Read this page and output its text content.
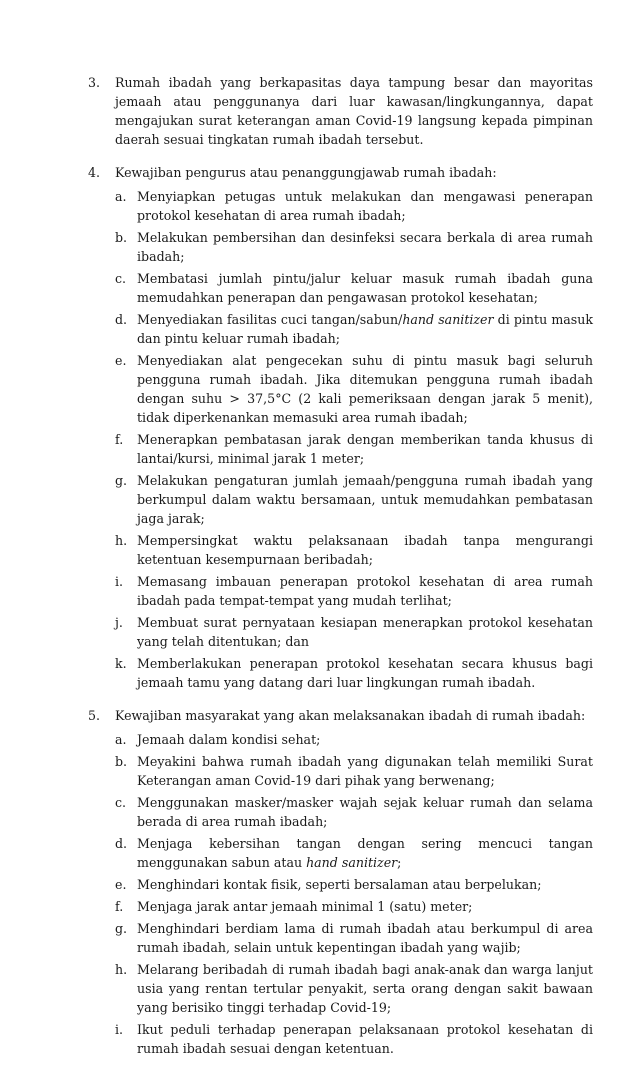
3. Rumah ibadah yang berkapasitas daya tampung besar dan mayoritas jemaah atau penggunanya dari luar kawasan/lingkungannya, dapat mengajukan surat keterangan aman Covid-19 langsung kepada pimpinan daerah sesuai tingkatan rumah ibadah tersebut.
4. Kewajiban pengurus atau penanggungjawab rumah ibadah:
a. Menyiapkan petugas untuk melakukan dan mengawasi penerapan protokol kesehatan di area rumah ibadah;
b. Melakukan pembersihan dan desinfeksi secara berkala di area rumah ibadah;
c. Membatasi jumlah pintu/jalur keluar masuk rumah ibadah guna memudahkan penerapan dan pengawasan protokol kesehatan;
d. Menyediakan fasilitas cuci tangan/sabun/hand sanitizer di pintu masuk dan pintu keluar rumah ibadah;
e. Menyediakan alat pengecekan suhu di pintu masuk bagi seluruh pengguna rumah ibadah. Jika ditemukan pengguna rumah ibadah dengan suhu > 37,5°C (2 kali pemeriksaan dengan jarak 5 menit), tidak diperkenankan memasuki area rumah ibadah;
f. Menerapkan pembatasan jarak dengan memberikan tanda khusus di lantai/kursi, minimal jarak 1 meter;
g. Melakukan pengaturan jumlah jemaah/pengguna rumah ibadah yang berkumpul dalam waktu bersamaan, untuk memudahkan pembatasan jaga jarak;
h. Mempersingkat waktu pelaksanaan ibadah tanpa mengurangi ketentuan kesempurnaan beribadah;
i. Memasang imbauan penerapan protokol kesehatan di area rumah ibadah pada tempat-tempat yang mudah terlihat;
j. Membuat surat pernyataan kesiapan menerapkan protokol kesehatan yang telah ditentukan; dan
k. Memberlakukan penerapan protokol kesehatan secara khusus bagi jemaah tamu yang datang dari luar lingkungan rumah ibadah.
5. Kewajiban masyarakat yang akan melaksanakan ibadah di rumah ibadah:
a. Jemaah dalam kondisi sehat;
b. Meyakini bahwa rumah ibadah yang digunakan telah memiliki Surat Keterangan aman Covid-19 dari pihak yang berwenang;
c. Menggunakan masker/masker wajah sejak keluar rumah dan selama berada di area rumah ibadah;
d. Menjaga kebersihan tangan dengan sering mencuci tangan menggunakan sabun atau hand sanitizer;
e. Menghindari kontak fisik, seperti bersalaman atau berpelukan;
f. Menjaga jarak antar jemaah minimal 1 (satu) meter;
g. Menghindari berdiam lama di rumah ibadah atau berkumpul di area rumah ibadah, selain untuk kepentingan ibadah yang wajib;
h. Melarang beribadah di rumah ibadah bagi anak-anak dan warga lanjut usia yang rentan tertular penyakit, serta orang dengan sakit bawaan yang berisiko tinggi terhadap Covid-19;
i. Ikut peduli terhadap penerapan pelaksanaan protokol kesehatan di rumah ibadah sesuai dengan ketentuan.
